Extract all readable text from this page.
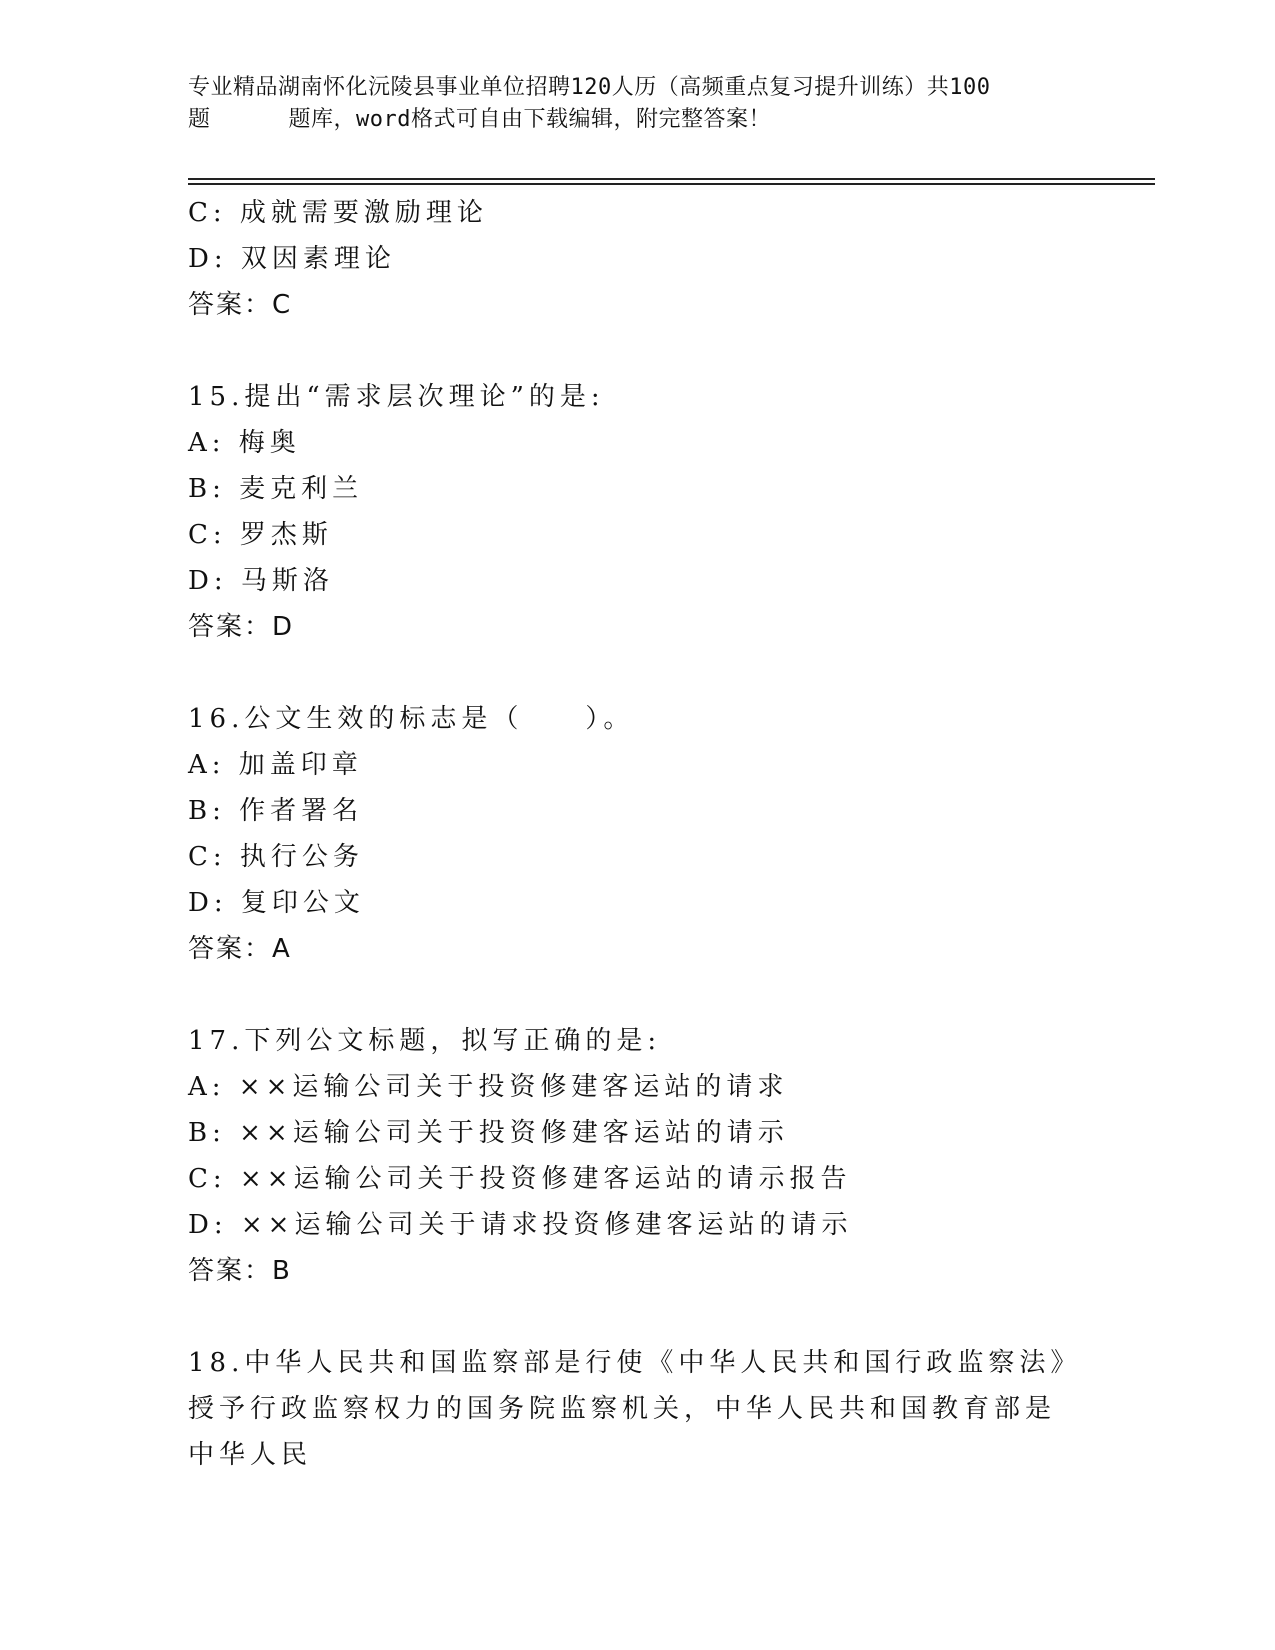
专业精品湖南怀化沅陵县事业单位招聘120人历（高频重点复习提升训练）共100
题	题库，word格式可自由下载编辑，附完整答案！
C: 成就需要激励理论
D: 双因素理论
答案：C
15.提出“需求层次理论”的是:
A: 梅奥
B: 麦克利兰
C: 罗杰斯
D: 马斯洛
答案：D
16.公文生效的标志是（　　）。
A: 加盖印章
B: 作者署名
C: 执行公务
D: 复印公文
答案：A
17.下列公文标题，拟写正确的是:
A: ××运输公司关于投资修建客运站的请求
B: ××运输公司关于投资修建客运站的请示
C: ××运输公司关于投资修建客运站的请示报告
D: ××运输公司关于请求投资修建客运站的请示
答案：B
18.中华人民共和国监察部是行使《中华人民共和国行政监察法》授予行政监察权力的国务院监察机关，中华人民共和国教育部是中华人民
